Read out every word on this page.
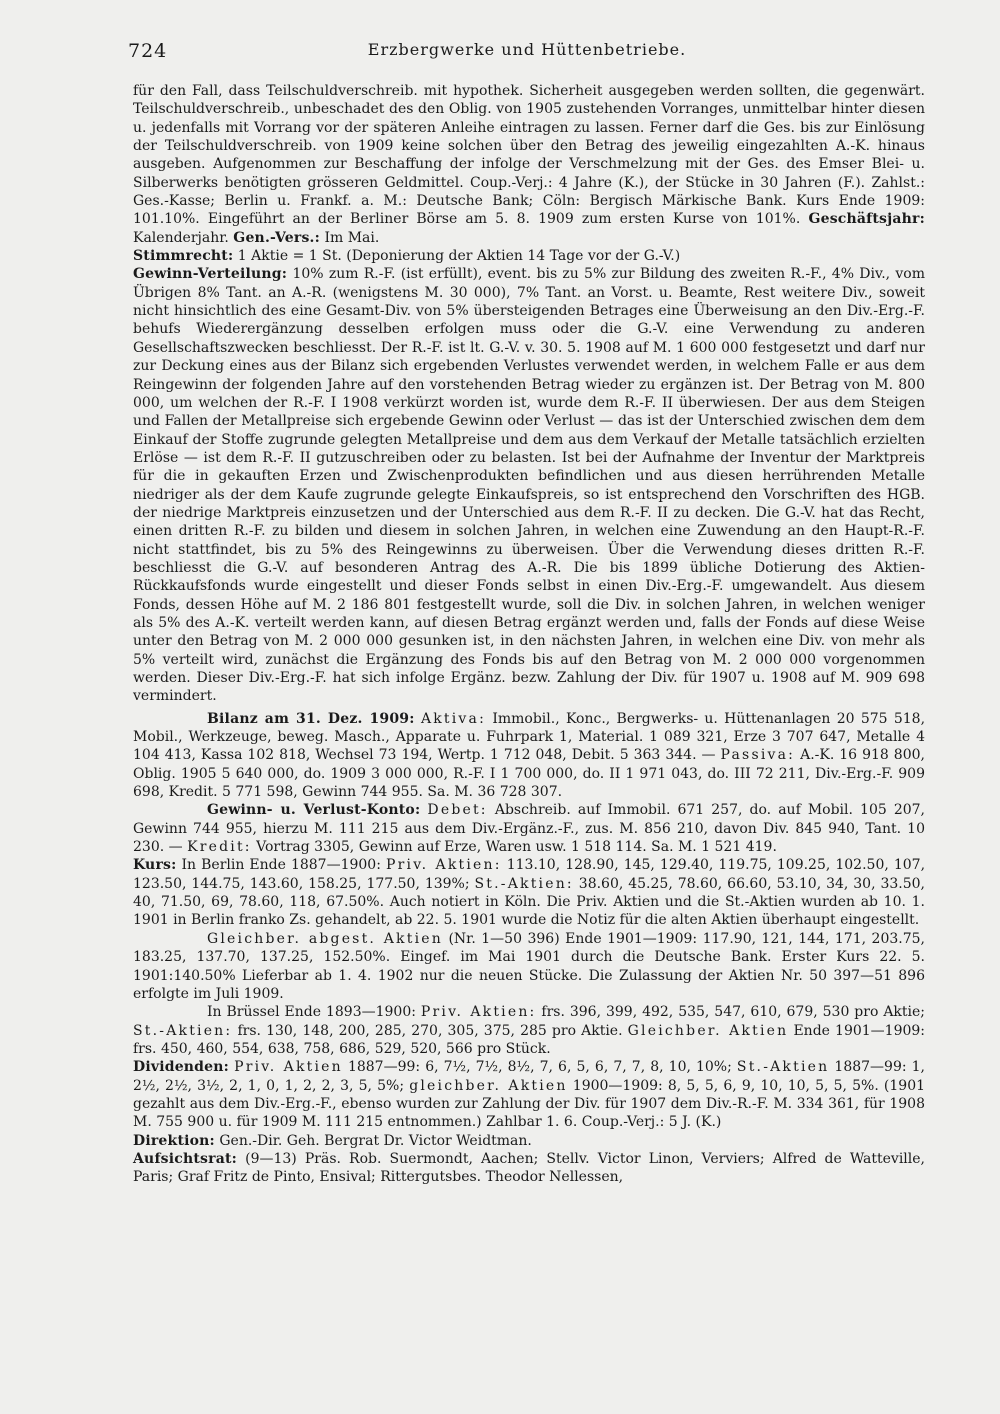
724	Erzbergwerke und Hüttenbetriebe.

für den Fall, dass Teilschuldverschreib. mit hypothek. Sicherheit ausgegeben werden sollten, die gegenwärt. Teilschuldverschreib., unbeschadet des den Oblig. von 1905 zustehenden Vorranges, unmittelbar hinter diesen u. jedenfalls mit Vorrang vor der späteren Anleihe eintragen zu lassen. Ferner darf die Ges. bis zur Einlösung der Teilschuldverschreib. von 1909 keine solchen über den Betrag des jeweilig eingezahlten A.-K. hinaus ausgeben. Aufgenommen zur Beschaffung der infolge der Verschmelzung mit der Ges. des Emser Blei- u. Silberwerks benötigten grösseren Geldmittel. Coup.-Verj.: 4 Jahre (K.), der Stücke in 30 Jahren (F.). Zahlst.: Ges.-Kasse; Berlin u. Frankf. a. M.: Deutsche Bank; Cöln: Bergisch Märkische Bank. Kurs Ende 1909: 101.10%. Eingeführt an der Berliner Börse am 5. 8. 1909 zum ersten Kurse von 101%. Geschäftsjahr: Kalenderjahr. Gen.-Vers.: Im Mai.

Stimmrecht: 1 Aktie = 1 St. (Deponierung der Aktien 14 Tage vor der G.-V.)

Gewinn-Verteilung: 10% zum R.-F. (ist erfüllt), event. bis zu 5% zur Bildung des zweiten R.-F., 4% Div., vom Übrigen 8% Tant. an A.-R. (wenigstens M. 30 000), 7% Tant. an Vorst. u. Beamte, Rest weitere Div., soweit nicht hinsichtlich des eine Gesamt-Div. von 5% übersteigenden Betrages eine Überweisung an den Div.-Erg.-F. behufs Wiederergänzung desselben erfolgen muss oder die G.-V. eine Verwendung zu anderen Gesellschaftszwecken beschliesst. Der R.-F. ist lt. G.-V. v. 30. 5. 1908 auf M. 1 600 000 festgesetzt und darf nur zur Deckung eines aus der Bilanz sich ergebenden Verlustes verwendet werden, in welchem Falle er aus dem Reingewinn der folgenden Jahre auf den vorstehenden Betrag wieder zu ergänzen ist. Der Betrag von M. 800 000, um welchen der R.-F. I 1908 verkürzt worden ist, wurde dem R.-F. II überwiesen. Der aus dem Steigen und Fallen der Metallpreise sich ergebende Gewinn oder Verlust — das ist der Unterschied zwischen dem dem Einkauf der Stoffe zugrunde gelegten Metallpreise und dem aus dem Verkauf der Metalle tatsächlich erzielten Erlöse — ist dem R.-F. II gutzuschreiben oder zu belasten. Ist bei der Aufnahme der Inventur der Marktpreis für die in gekauften Erzen und Zwischenprodukten befindlichen und aus diesen herrührenden Metalle niedriger als der dem Kaufe zugrunde gelegte Einkaufspreis, so ist entsprechend den Vorschriften des HGB. der niedrige Marktpreis einzusetzen und der Unterschied aus dem R.-F. II zu decken. Die G.-V. hat das Recht, einen dritten R.-F. zu bilden und diesem in solchen Jahren, in welchen eine Zuwendung an den Haupt-R.-F. nicht stattfindet, bis zu 5% des Reingewinns zu überweisen. Über die Verwendung dieses dritten R.-F. beschliesst die G.-V. auf besonderen Antrag des A.-R. Die bis 1899 übliche Dotierung des Aktien-Rückkaufsfonds wurde eingestellt und dieser Fonds selbst in einen Div.-Erg.-F. umgewandelt. Aus diesem Fonds, dessen Höhe auf M. 2 186 801 festgestellt wurde, soll die Div. in solchen Jahren, in welchen weniger als 5% des A.-K. verteilt werden kann, auf diesen Betrag ergänzt werden und, falls der Fonds auf diese Weise unter den Betrag von M. 2 000 000 gesunken ist, in den nächsten Jahren, in welchen eine Div. von mehr als 5% verteilt wird, zunächst die Ergänzung des Fonds bis auf den Betrag von M. 2 000 000 vorgenommen werden. Dieser Div.-Erg.-F. hat sich infolge Ergänz. bezw. Zahlung der Div. für 1907 u. 1908 auf M. 909 698 vermindert.

Bilanz am 31. Dez. 1909: Aktiva: Immobil., Konc., Bergwerks- u. Hüttenanlagen 20 575 518, Mobil., Werkzeuge, beweg. Masch., Apparate u. Fuhrpark 1, Material. 1 089 321, Erze 3 707 647, Metalle 4 104 413, Kassa 102 818, Wechsel 73 194, Wertp. 1 712 048, Debit. 5 363 344. — Passiva: A.-K. 16 918 800, Oblig. 1905 5 640 000, do. 1909 3 000 000, R.-F. I 1 700 000, do. II 1 971 043, do. III 72 211, Div.-Erg.-F. 909 698, Kredit. 5 771 598, Gewinn 744 955. Sa. M. 36 728 307.

Gewinn- u. Verlust-Konto: Debet: Abschreib. auf Immobil. 671 257, do. auf Mobil. 105 207, Gewinn 744 955, hierzu M. 111 215 aus dem Div.-Ergänz.-F., zus. M. 856 210, davon Div. 845 940, Tant. 10 230. — Kredit: Vortrag 3305, Gewinn auf Erze, Waren usw. 1 518 114. Sa. M. 1 521 419.

Kurs: In Berlin Ende 1887—1900: Priv. Aktien: 113.10, 128.90, 145, 129.40, 119.75, 109.25, 102.50, 107, 123.50, 144.75, 143.60, 158.25, 177.50, 139%; St.-Aktien: 38.60, 45.25, 78.60, 66.60, 53.10, 34, 30, 33.50, 40, 71.50, 69, 78.60, 118, 67.50%. Auch notiert in Köln. Die Priv. Aktien und die St.-Aktien wurden ab 10. 1. 1901 in Berlin franko Zs. gehandelt, ab 22. 5. 1901 wurde die Notiz für die alten Aktien überhaupt eingestellt.

Gleichber. abgest. Aktien (Nr. 1—50 396) Ende 1901—1909: 117.90, 121, 144, 171, 203.75, 183.25, 137.70, 137.25, 152.50%. Eingef. im Mai 1901 durch die Deutsche Bank. Erster Kurs 22. 5. 1901:140.50% Lieferbar ab 1. 4. 1902 nur die neuen Stücke. Die Zulassung der Aktien Nr. 50 397—51 896 erfolgte im Juli 1909.

In Brüssel Ende 1893—1900: Priv. Aktien: frs. 396, 399, 492, 535, 547, 610, 679, 530 pro Aktie; St.-Aktien: frs. 130, 148, 200, 285, 270, 305, 375, 285 pro Aktie. Gleichber. Aktien Ende 1901—1909: frs. 450, 460, 554, 638, 758, 686, 529, 520, 566 pro Stück.

Dividenden: Priv. Aktien 1887—99: 6, 7½, 7½, 8½, 7, 6, 5, 6, 7, 7, 8, 10, 10%; St.-Aktien 1887—99: 1, 2½, 2½, 3½, 2, 1, 0, 1, 2, 2, 3, 5, 5%; gleichber. Aktien 1900—1909: 8, 5, 5, 6, 9, 10, 10, 5, 5, 5%. (1901 gezahlt aus dem Div.-Erg.-F., ebenso wurden zur Zahlung der Div. für 1907 dem Div.-R.-F. M. 334 361, für 1908 M. 755 900 u. für 1909 M. 111 215 entnommen.) Zahlbar 1. 6. Coup.-Verj.: 5 J. (K.)

Direktion: Gen.-Dir. Geh. Bergrat Dr. Victor Weidtman.

Aufsichtsrat: (9—13) Präs. Rob. Suermondt, Aachen; Stellv. Victor Linon, Verviers; Alfred de Watteville, Paris; Graf Fritz de Pinto, Ensival; Rittergutsbes. Theodor Nellessen,
